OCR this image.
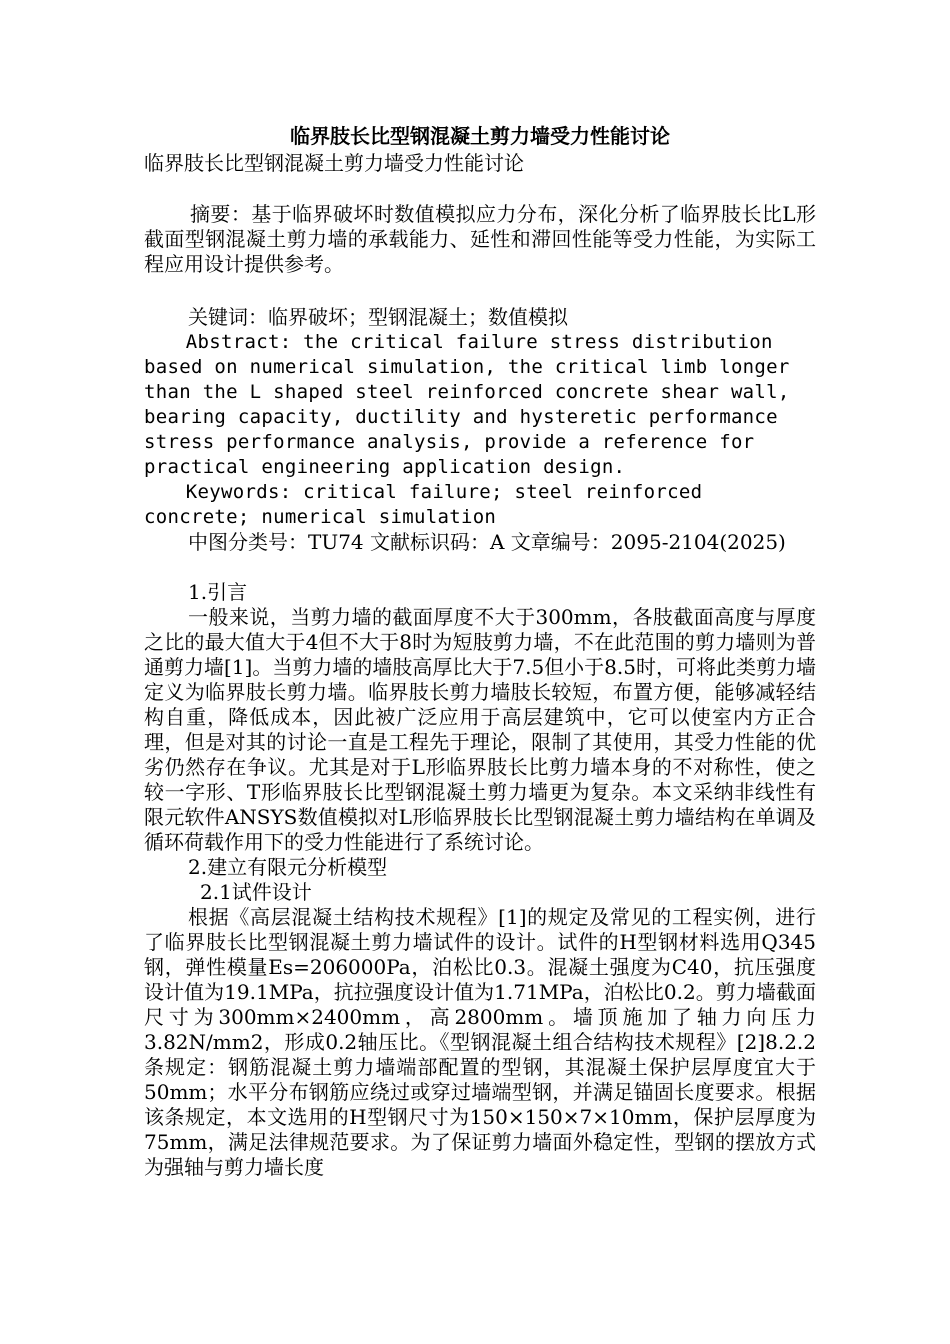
临界肢长比型钢混凝土剪力墙受力性能讨论
临界肢长比型钢混凝土剪力墙受力性能讨论

摘要：基于临界破坏时数值模拟应力分布，深化分析了临界肢长比L形截面型钢混凝土剪力墙的承载能力、延性和滞回性能等受力性能，为实际工程应用设计提供参考。

关键词：临界破坏；型钢混凝土；数值模拟

Abstract: the critical failure stress distribution based on numerical simulation, the critical limb longer than the L shaped steel reinforced concrete shear wall, bearing capacity, ductility and hysteretic performance stress performance analysis, provide a reference for practical engineering application design.

Keywords: critical failure; steel reinforced concrete; numerical simulation

中图分类号：TU74 文献标识码：A 文章编号：2095-2104(2025)

1.引言

一般来说，当剪力墙的截面厚度不大于300mm，各肢截面高度与厚度之比的最大值大于4但不大于8时为短肢剪力墙，不在此范围的剪力墙则为普通剪力墙[1]。当剪力墙的墙肢高厚比大于7.5但小于8.5时，可将此类剪力墙定义为临界肢长剪力墙。临界肢长剪力墙肢长较短，布置方便，能够减轻结构自重，降低成本，因此被广泛应用于高层建筑中，它可以使室内方正合理，但是对其的讨论一直是工程先于理论，限制了其使用，其受力性能的优劣仍然存在争议。尤其是对于L形临界肢长比剪力墙本身的不对称性，使之较一字形、T形临界肢长比型钢混凝土剪力墙更为复杂。本文采纳非线性有限元软件ANSYS数值模拟对L形临界肢长比型钢混凝土剪力墙结构在单调及循环荷载作用下的受力性能进行了系统讨论。

2.建立有限元分析模型

2.1试件设计

根据《高层混凝土结构技术规程》[1]的规定及常见的工程实例，进行了临界肢长比型钢混凝土剪力墙试件的设计。试件的H型钢材料选用Q345钢，弹性模量Es=206000Pa，泊松比0.3。混凝土强度为C40，抗压强度设计值为19.1MPa，抗拉强度设计值为1.71MPa，泊松比0.2。剪力墙截面尺寸为300mm×2400mm，高2800mm。墙顶施加了轴力向压力3.82N/mm2，形成0.2轴压比。《型钢混凝土组合结构技术规程》[2]8.2.2条规定：钢筋混凝土剪力墙端部配置的型钢，其混凝土保护层厚度宜大于50mm；水平分布钢筋应绕过或穿过墙端型钢，并满足锚固长度要求。根据该条规定，本文选用的H型钢尺寸为150×150×7×10mm，保护层厚度为75mm，满足法律规范要求。为了保证剪力墙面外稳定性，型钢的摆放方式为强轴与剪力墙长度
